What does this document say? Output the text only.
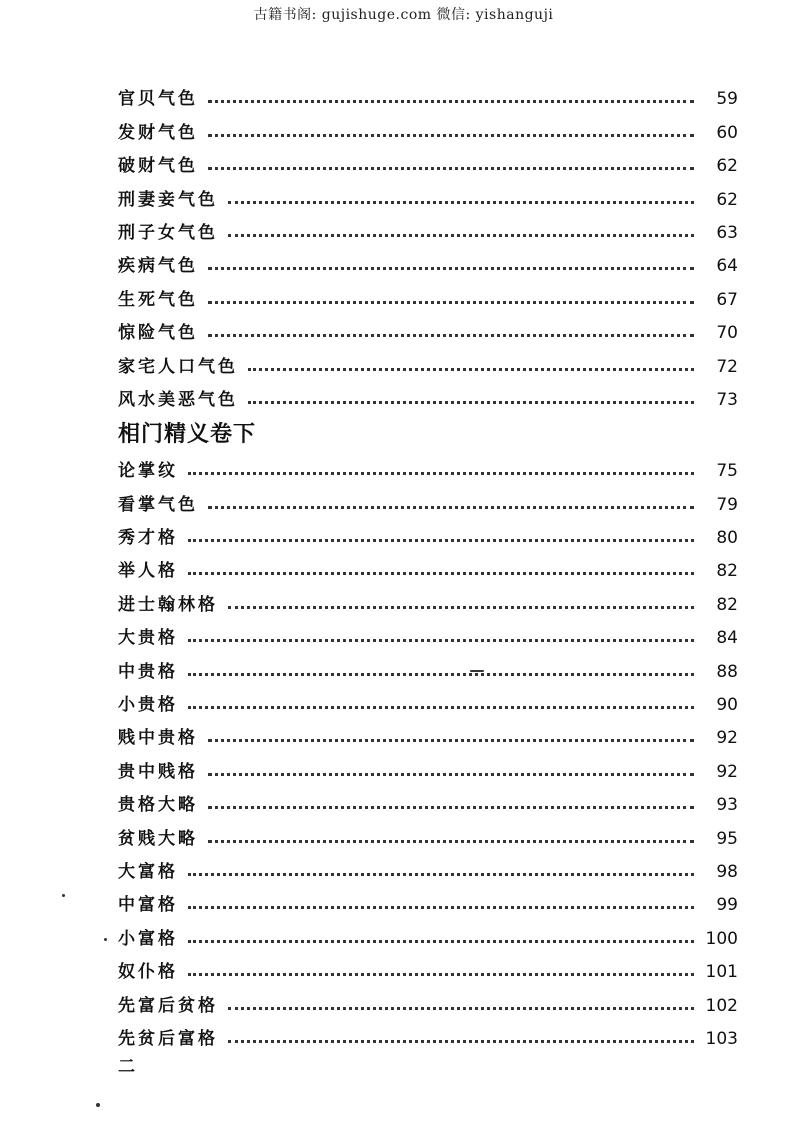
古籍书阁: gujishuge.com 微信: yishanguji
官贝气色	59
发财气色	60
破财气色	62
刑妻妾气色	62
刑子女气色	63
疾病气色	64
生死气色	67
惊险气色	70
家宅人口气色	72
风水美恶气色	73
相门精义卷下
论掌纹	75
看掌气色	79
秀才格	80
举人格	82
进士翰林格	82
大贵格	84
中贵格	88
小贵格	90
贱中贵格	92
贵中贱格	92
贵格大略	93
贫贱大略	95
大富格	98
中富格	99
小富格	100
奴仆格	101
先富后贫格	102
先贫后富格	103
二
